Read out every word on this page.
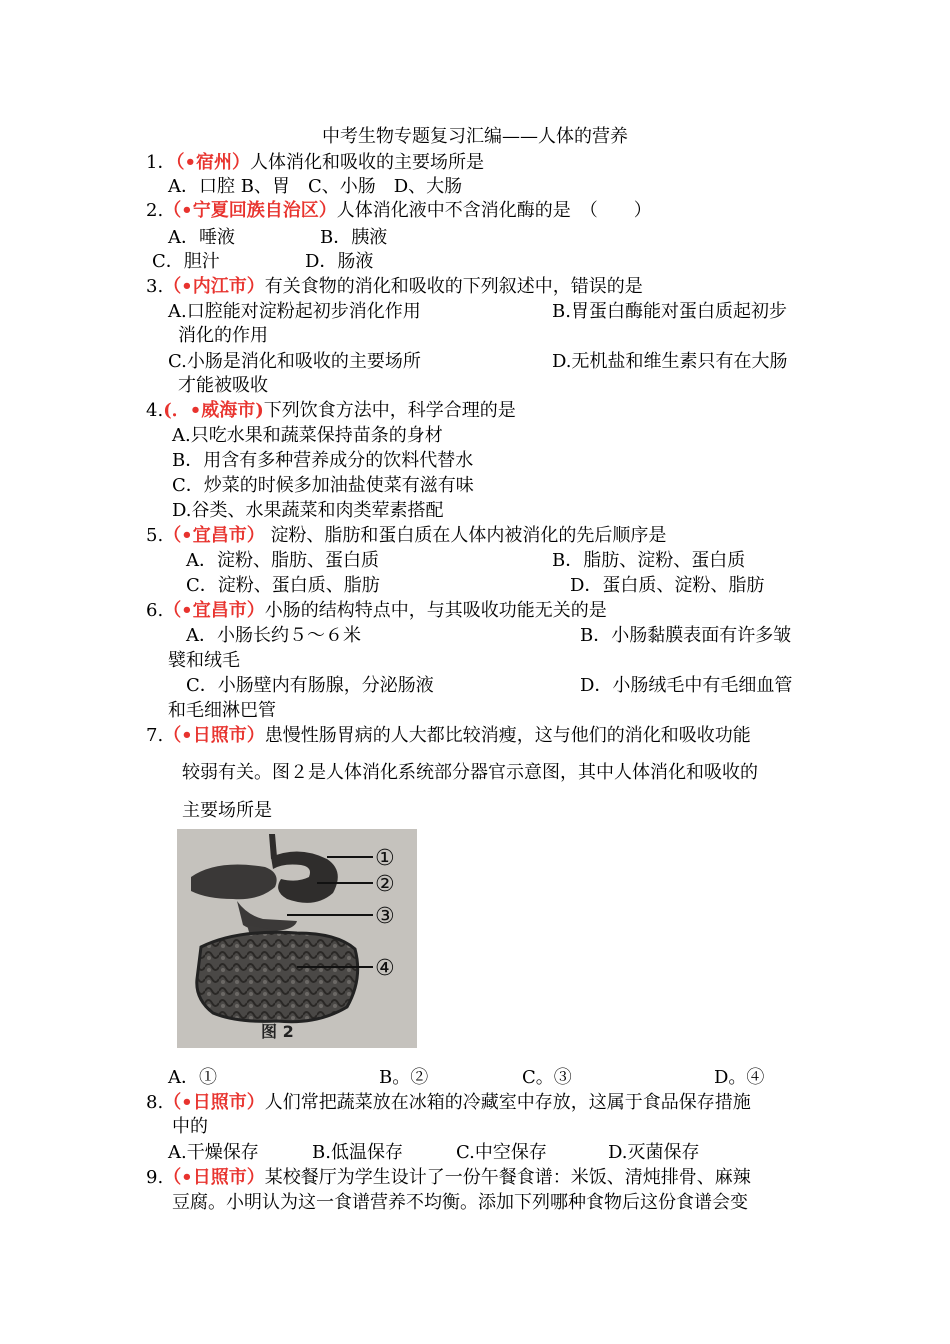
中考生物专题复习汇编——人体的营养
1．（•宿州）人体消化和吸收的主要场所是
A．口腔 B、胃　C、小肠　D、大肠
2.（•宁夏回族自治区）人体消化液中不含消化酶的是　（　　）
A．唾液	B．胰液
C．胆汁	D．肠液
3.（•内江市）有关食物的消化和吸收的下列叙述中，错误的是
A.口腔能对淀粉起初步消化作用	B.胃蛋白酶能对蛋白质起初步
消化的作用
C.小肠是消化和吸收的主要场所	D.无机盐和维生素只有在大肠
才能被吸收
4.(．•威海市)下列饮食方法中，科学合理的是
A.只吃水果和蔬菜保持苗条的身材
B．用含有多种营养成分的饮料代替水
C．炒菜的时候多加油盐使菜有滋有味
D.谷类、水果蔬菜和肉类荤素搭配
5.（•宜昌市） 淀粉、脂肪和蛋白质在人体内被消化的先后顺序是
A．淀粉、脂肪、蛋白质	B．脂肪、淀粉、蛋白质
C．淀粉、蛋白质、脂肪	D．蛋白质、淀粉、脂肪
6.（•宜昌市）小肠的结构特点中，与其吸收功能无关的是
A．小肠长约５～６米	B．小肠黏膜表面有许多皱
襞和绒毛
C．小肠壁内有肠腺，分泌肠液	D．小肠绒毛中有毛细血管
和毛细淋巴管
7.（•日照市）患慢性肠胃病的人大都比较消瘦，这与他们的消化和吸收功能
较弱有关。图２是人体消化系统部分器官示意图，其中人体消化和吸收的
主要场所是
①
②
③
④
图 2
A．①	B。②	C。③	D。④
8.（•日照市）人们常把蔬菜放在冰箱的冷藏室中存放，这属于食品保存措施
中的
A.干燥保存	B.低温保存	C.中空保存	D.灭菌保存
9.（•日照市）某校餐厅为学生设计了一份午餐食谱：米饭、清炖排骨、麻辣
豆腐。小明认为这一食谱营养不均衡。添加下列哪种食物后这份食谱会变
